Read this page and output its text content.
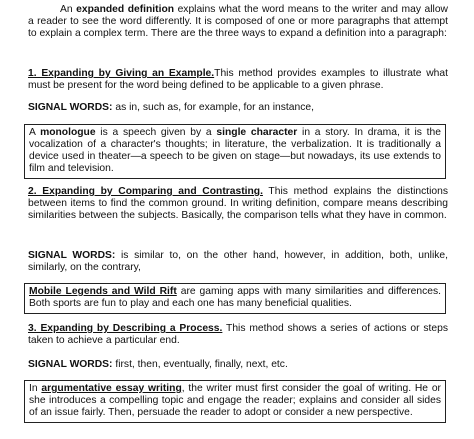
An expanded definition explains what the word means to the writer and may allow a reader to see the word differently. It is composed of one or more paragraphs that attempt to explain a complex term. There are the three ways to expand a definition into a paragraph:

1. Expanding by Giving an Example.This method provides examples to illustrate what must be present for the word being defined to be applicable to a given phrase.

SIGNAL WORDS: as in, such as, for example, for an instance,

A monologue is a speech given by a single character in a story. In drama, it is the vocalization of a character's thoughts; in literature, the verbalization. It is traditionally a device used in theater—a speech to be given on stage—but nowadays, its use extends to film and television.

2. Expanding by Comparing and Contrasting. This method explains the distinctions between items to find the common ground. In writing definition, compare means describing similarities between the subjects. Basically, the comparison tells what they have in common.

SIGNAL WORDS: is similar to, on the other hand, however, in addition, both, unlike, similarly, on the contrary,

Mobile Legends and Wild Rift are gaming apps with many similarities and differences. Both sports are fun to play and each one has many beneficial qualities.

3. Expanding by Describing a Process. This method shows a series of actions or steps taken to achieve a particular end.

SIGNAL WORDS: first, then, eventually, finally, next, etc.

In argumentative essay writing, the writer must first consider the goal of writing. He or she introduces a compelling topic and engage the reader; explains and consider all sides of an issue fairly. Then, persuade the reader to adopt or consider a new perspective.
